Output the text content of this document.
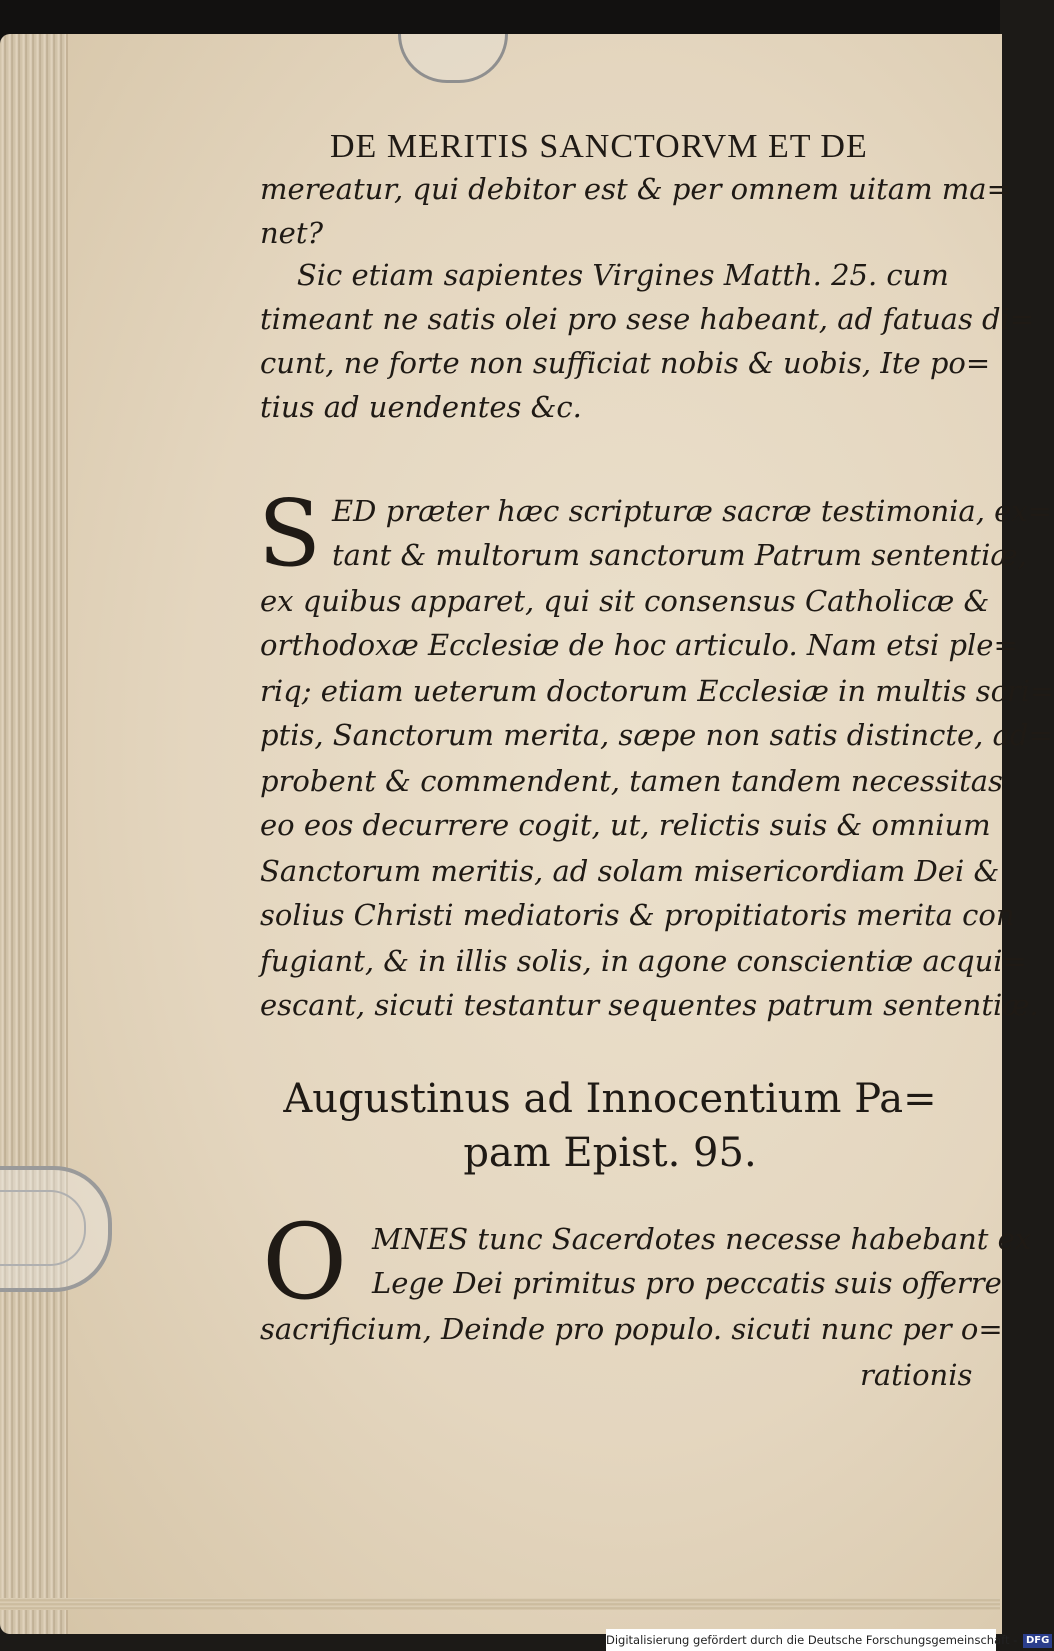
DE MERITIS SANCTORVM ET DE
mereatur, qui debitor est & per omnem uitam ma=
net?
Sic etiam sapientes Virgines Matth. 25. cum
timeant ne satis olei pro sese habeant, ad fatuas di=
cunt, ne forte non sufficiat nobis & uobis, Ite po=
tius ad uendentes &c.
S ED præter hæc scripturæ sacræ testimonia, ex=
tant & multorum sanctorum Patrum sententiæ,
ex quibus apparet, qui sit consensus Catholicæ &
orthodoxæ Ecclesiæ de hoc articulo. Nam etsi ple=
riq; etiam ueterum doctorum Ecclesiæ in multis scri=
ptis, Sanctorum merita, sæpe non satis distincte, ad=
probent & commendent, tamen tandem necessitas
eo eos decurrere cogit, ut, relictis suis & omnium
Sanctorum meritis, ad solam misericordiam Dei &
solius Christi mediatoris & propitiatoris merita con
fugiant, & in illis solis, in agone conscientiæ acqui=
escant, sicuti testantur sequentes patrum sententiæ.
Augustinus ad Innocentium Pa=
pam Epist. 95.
O MNES tunc Sacerdotes necesse habebant ex
Lege Dei primitus pro peccatis suis offerre
sacrificium, Deinde pro populo. sicuti nunc per o=
rationis
Digitalisierung gefördert durch die Deutsche Forschungsgemeinschaft - DFG
